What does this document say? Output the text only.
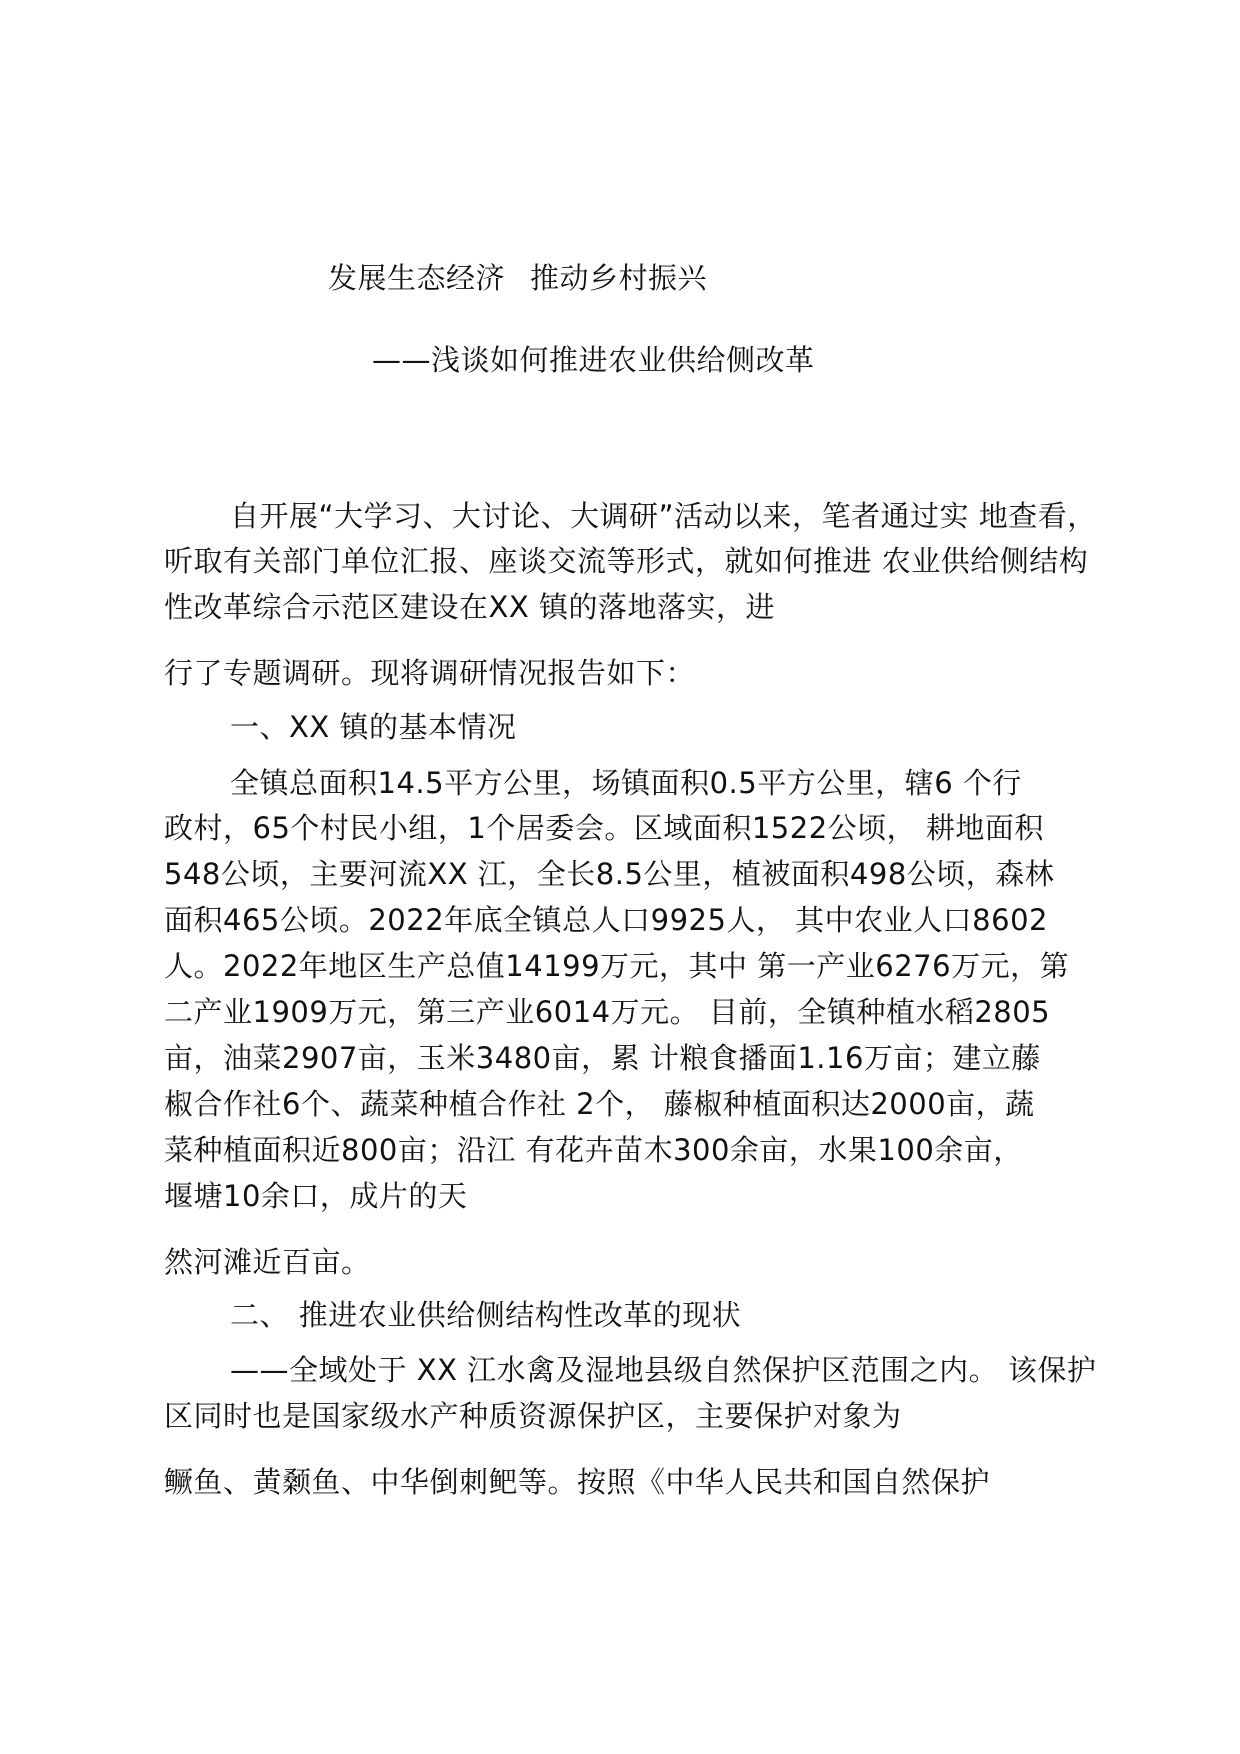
发展生态经济 推动乡村振兴
——浅谈如何推进农业供给侧改革
自开展“大学习、大讨论、大调研”活动以来，笔者通过实 地查看，
听取有关部门单位汇报、座谈交流等形式，就如何推进 农业供给侧结构
性改革综合示范区建设在XX 镇的落地落实，进
行了专题调研。现将调研情况报告如下：
一、XX 镇的基本情况
全镇总面积14.5平方公里，场镇面积0.5平方公里，辖6 个行
政村，65个村民小组，1个居委会。区域面积1522公顷， 耕地面积
548公顷，主要河流XX 江，全长8.5公里，植被面积498公顷，森林
面积465公顷。2022年底全镇总人口9925人， 其中农业人口8602
人。2022年地区生产总值14199万元，其中 第一产业6276万元，第
二产业1909万元，第三产业6014万元。 目前，全镇种植水稻2805
亩，油菜2907亩，玉米3480亩，累 计粮食播面1.16万亩；建立藤
椒合作社6个、蔬菜种植合作社 2个， 藤椒种植面积达2000亩，蔬
菜种植面积近800亩；沿江 有花卉苗木300余亩，水果100余亩，
堰塘10余口，成片的天
然河滩近百亩。
二、 推进农业供给侧结构性改革的现状
——全域处于 XX 江水禽及湿地县级自然保护区范围之内。 该保护
区同时也是国家级水产种质资源保护区，主要保护对象为
鳜鱼、黄颡鱼、中华倒刺鲃等。按照《中华人民共和国自然保护
